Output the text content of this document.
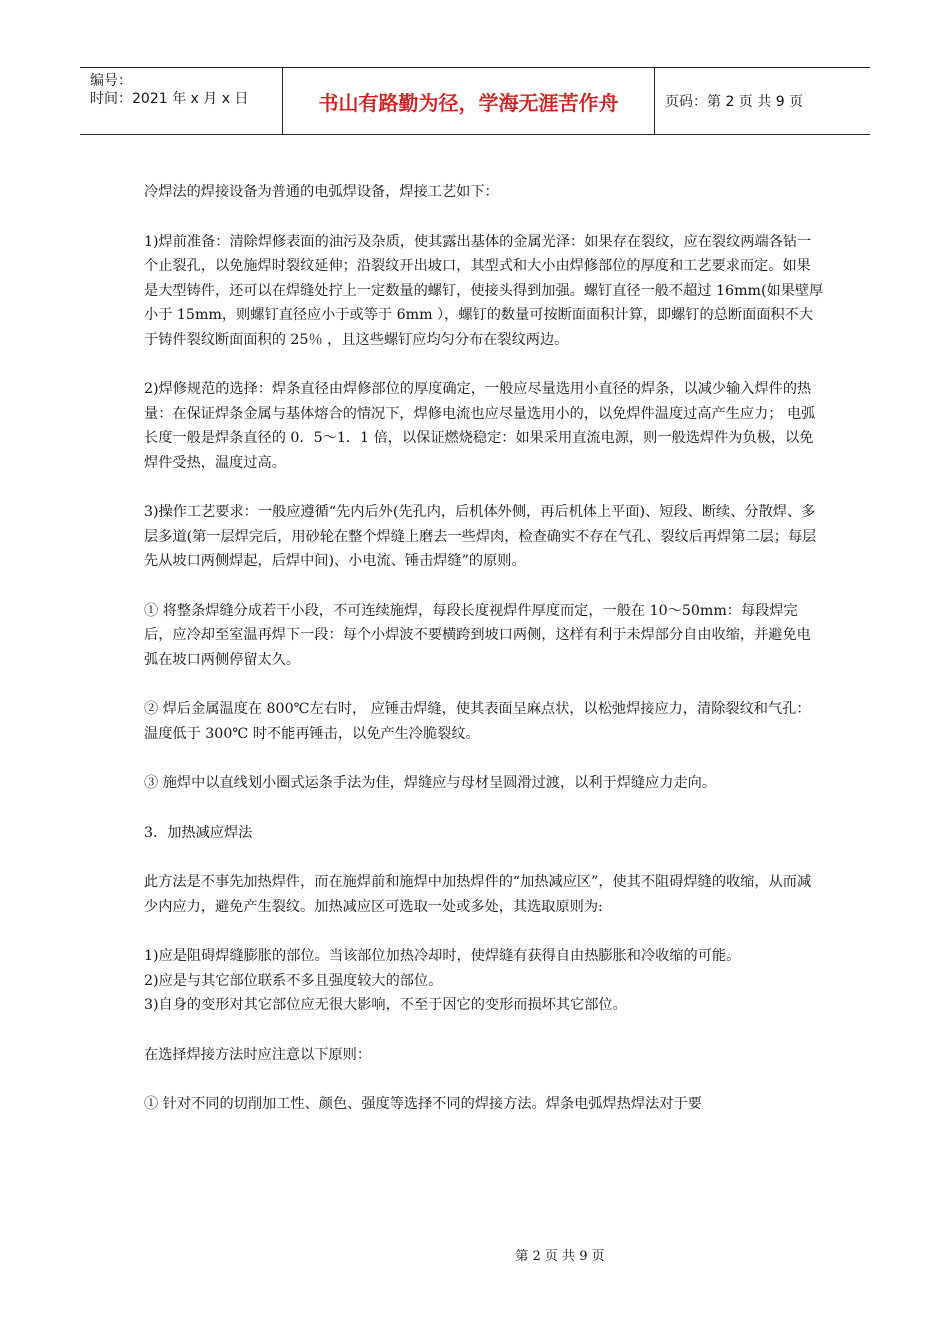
编号：
时间：2021 年 x 月 x 日	书山有路勤为径，学海无涯苦作舟	页码：第 2 页 共 9 页

冷焊法的焊接设备为普通的电弧焊设备，焊接工艺如下：

1)焊前准备：清除焊修表面的油污及杂质，使其露出基体的金属光泽：如果存在裂纹，应在裂纹两端各钻一个止裂孔，以免施焊时裂纹延伸；沿裂纹开出坡口，其型式和大小由焊修部位的厚度和工艺要求而定。如果是大型铸件，还可以在焊缝处拧上一定数量的螺钉，使接头得到加强。螺钉直径一般不超过 16mm(如果壁厚小于 15mm，则螺钉直径应小于或等于 6mm ），螺钉的数量可按断面面积计算，即螺钉的总断面面积不大于铸件裂纹断面面积的 25％ ，且这些螺钉应均匀分布在裂纹两边。

2)焊修规范的选择：焊条直径由焊修部位的厚度确定，一般应尽量选用小直径的焊条，以减少输入焊件的热量：在保证焊条金属与基体熔合的情况下，焊修电流也应尽量选用小的，以免焊件温度过高产生应力； 电弧长度一般是焊条直径的 0．5～1．1 倍，以保证燃烧稳定：如果采用直流电源，则一般选焊件为负极，以免焊件受热，温度过高。

3)操作工艺要求：一般应遵循“先内后外(先孔内，后机体外侧，再后机体上平面)、短段、断续、分散焊、多层多道(第一层焊完后，用砂轮在整个焊缝上磨去一些焊肉，检查确实不存在气孔、裂纹后再焊第二层；每层先从坡口两侧焊起，后焊中间)、小电流、锤击焊缝”的原则。

① 将整条焊缝分成若干小段，不可连续施焊，每段长度视焊件厚度而定，一般在 10～50mm：每段焊完后，应冷却至室温再焊下一段：每个小焊波不要横跨到坡口两侧，这样有利于未焊部分自由收缩，并避免电弧在坡口两侧停留太久。

② 焊后金属温度在 800℃左右时， 应锤击焊缝，使其表面呈麻点状，以松弛焊接应力，清除裂纹和气孔：温度低于 300℃ 时不能再锤击，以免产生冷脆裂纹。

③ 施焊中以直线划小圈式运条手法为佳，焊缝应与母材呈圆滑过渡，以利于焊缝应力走向。

3．加热减应焊法

此方法是不事先加热焊件，而在施焊前和施焊中加热焊件的“加热减应区”，使其不阻碍焊缝的收缩，从而减少内应力，避免产生裂纹。加热减应区可选取一处或多处，其选取原则为:

1)应是阻碍焊缝膨胀的部位。当该部位加热冷却时，使焊缝有获得自由热膨胀和冷收缩的可能。

2)应是与其它部位联系不多且强度较大的部位。

3)自身的变形对其它部位应无很大影响，不至于因它的变形而损坏其它部位。

在选择焊接方法时应注意以下原则：

① 针对不同的切削加工性、颜色、强度等选择不同的焊接方法。焊条电弧焊热焊法对于要

第 2 页 共 9 页
